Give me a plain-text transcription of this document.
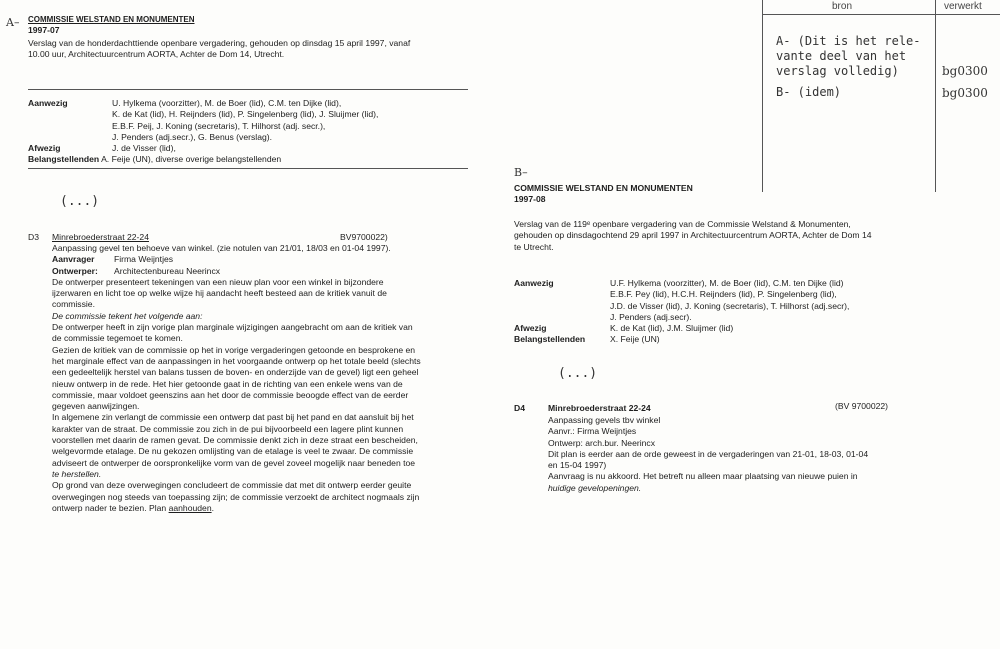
bron	verwerkt
A- (Dit is het rele-
vante deel van het
verslag volledig)	bg0300
B- (idem)	bg0300
A– COMMISSIE WELSTAND EN MONUMENTEN
1997-07
Verslag van de honderdachttiende openbare vergadering, gehouden op dinsdag 15 april 1997, vanaf
10.00 uur, Architectuurcentrum AORTA, Achter de Dom 14, Utrecht.
Aanwezig	U. Hylkema (voorzitter), M. de Boer (lid), C.M. ten Dijke (lid),
K. de Kat (lid), H. Reijnders (lid), P. Singelenberg (lid), J. Sluijmer (lid),
E.B.F. Peij, J. Koning (secretaris), T. Hilhorst (adj. secr.),
J. Penders (adj.secr.), G. Benus (verslag).
Afwezig	J. de Visser (lid),
Belangstellenden A. Feije (UN), diverse overige belangstellenden
(...)
D3 Minrebroederstraat 22-24	BV9700022)
Aanpassing gevel ten behoeve van winkel. (zie notulen van 21/01, 18/03 en 01-04 1997).
Aanvrager Firma Weijntjes
Ontwerper: Architectenbureau Neerincx
De ontwerper presenteert tekeningen van een nieuw plan voor een winkel in bijzondere
ijzerwaren en licht toe op welke wijze hij aandacht heeft besteed aan de kritiek vanuit de
commissie.
De commissie tekent het volgende aan:
De ontwerper heeft in zijn vorige plan marginale wijzigingen aangebracht om aan de kritiek van
de commissie tegemoet te komen.
Gezien de kritiek van de commissie op het in vorige vergaderingen getoonde en besprokene en
het marginale effect van de aanpassingen in het voorgaande ontwerp op het totale beeld (slechts
een gedeeltelijk herstel van balans tussen de boven- en onderzijde van de gevel) ligt een geheel
nieuw ontwerp in de rede. Het hier getoonde gaat in de richting van een enkele wens van de
commissie, maar voldoet geenszins aan het door de commissie beoogde effect van de eerder
gegeven aanwijzingen.
In algemene zin verlangt de commissie een ontwerp dat past bij het pand en dat aansluit bij het
karakter van de straat. De commissie zou zich in de pui bijvoorbeeld een lagere plint kunnen
voorstellen met daarin de ramen gevat. De commissie denkt zich in deze straat een bescheiden,
welgevormde etalage. De nu gekozen omlijsting van de etalage is veel te zwaar. De commissie
adviseert de ontwerper de oorspronkelijke vorm van de gevel zoveel mogelijk naar beneden toe
te herstellen.
Op grond van deze overwegingen concludeert de commissie dat met dit ontwerp eerder geuite
overwegingen nog steeds van toepassing zijn; de commissie verzoekt de architect nogmaals zijn
ontwerp nader te bezien. Plan aanhouden.
B–
COMMISSIE WELSTAND EN MONUMENTEN
1997-08
Verslag van de 119ᵉ openbare vergadering van de Commissie Welstand & Monumenten,
gehouden op dinsdagochtend 29 april 1997 in Architectuurcentrum AORTA, Achter de Dom 14
te Utrecht.
Aanwezig	U.F. Hylkema (voorzitter), M. de Boer (lid), C.M. ten Dijke (lid)
E.B.F. Pey (lid), H.C.H. Reijnders (lid), P. Singelenberg (lid),
J.D. de Visser (lid), J. Koning (secretaris), T. Hilhorst (adj.secr),
J. Penders (adj.secr).
Afwezig	K. de Kat (lid), J.M. Sluijmer (lid)
Belangstellenden	X. Feije (UN)
(...)
D4	Minrebroederstraat 22-24	(BV 9700022)
Aanpassing gevels tbv winkel
Aanvr.: Firma Weijntjes
Ontwerp: arch.bur. Neerincx
Dit plan is eerder aan de orde geweest in de vergaderingen van 21-01, 18-03, 01-04
en 15-04 1997)
Aanvraag is nu akkoord. Het betreft nu alleen maar plaatsing van nieuwe puien in
huidige gevelopeningen.
